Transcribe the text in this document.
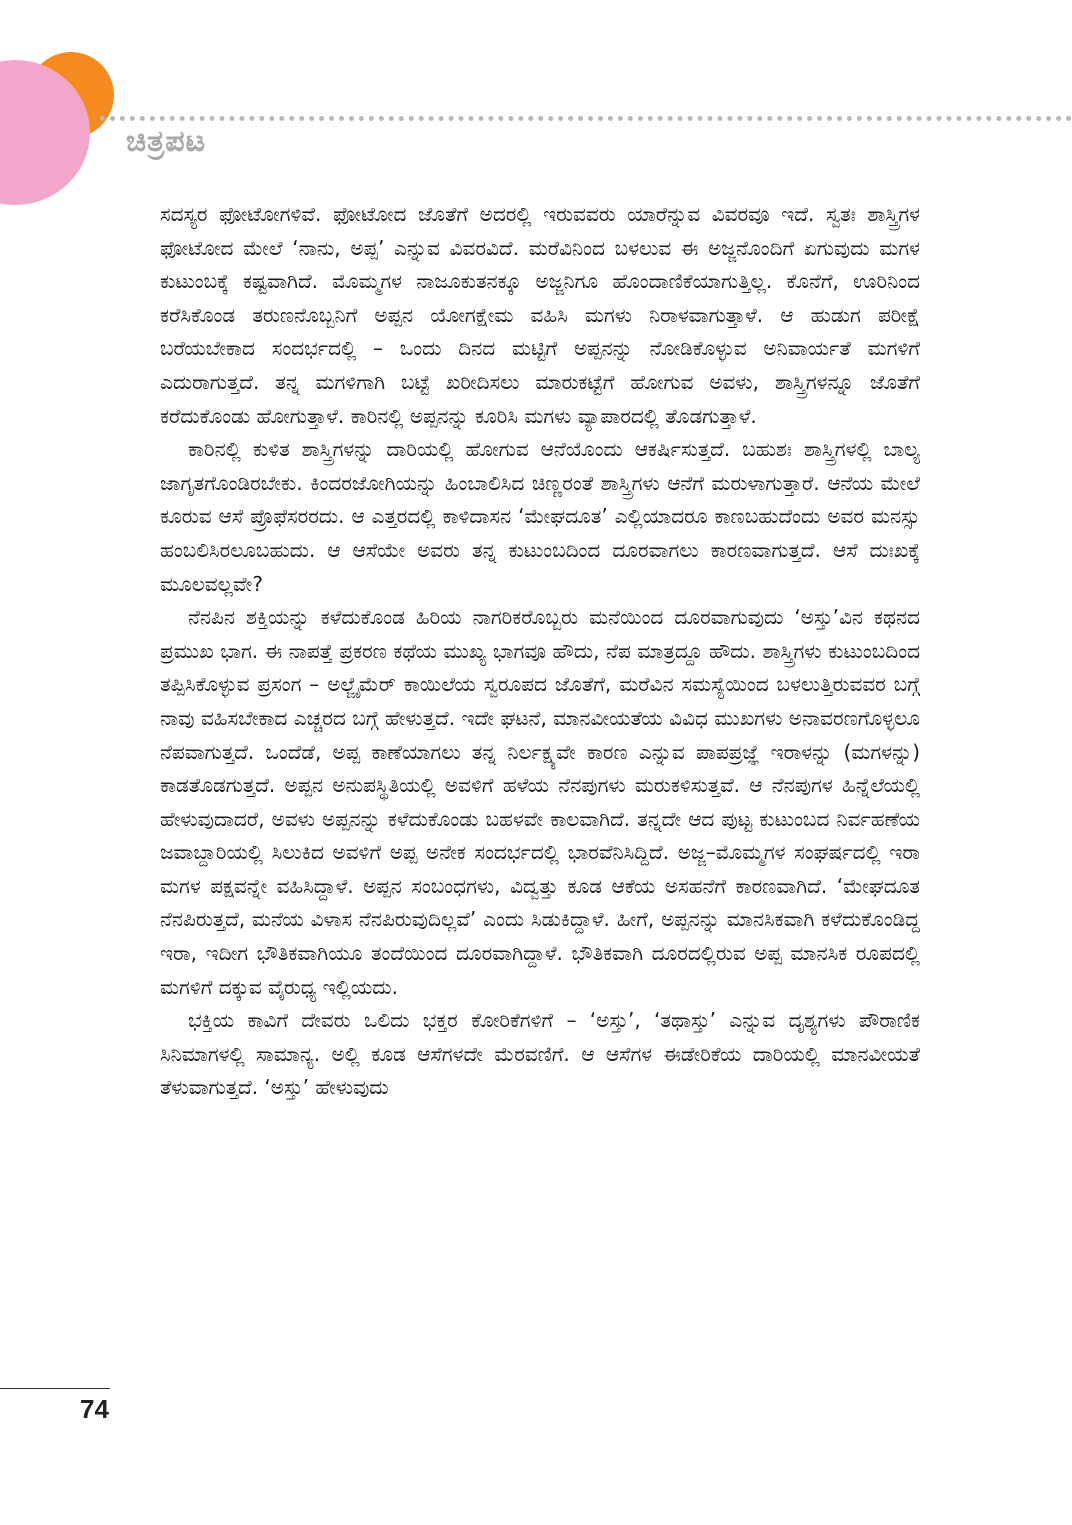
ಚಿತ್ರಪಟ

ಸದಸ್ಯರ ಫೋಟೋಗಳಿವೆ. ಫೋಟೋದ ಜೊತೆಗೆ ಅದರಲ್ಲಿ ಇರುವವರು ಯಾರೆನ್ನುವ ವಿವರವೂ ಇದೆ. ಸ್ವತಃ ಶಾಸ್ತ್ರಿಗಳ ಫೋಟೋದ ಮೇಲೆ ‘ನಾನು, ಅಪ್ಪ’ ಎನ್ನುವ ವಿವರವಿದೆ. ಮರೆವಿನಿಂದ ಬಳಲುವ ಈ ಅಜ್ಜನೊಂದಿಗೆ ಏಗುವುದು ಮಗಳ ಕುಟುಂಬಕ್ಕೆ ಕಷ್ಟವಾಗಿದೆ. ಮೊಮ್ಮಗಳ ನಾಜೂಕುತನಕ್ಕೂ ಅಜ್ಜನಿಗೂ ಹೊಂದಾಣಿಕೆಯಾಗುತ್ತಿಲ್ಲ. ಕೊನೆಗೆ, ಊರಿನಿಂದ ಕರೆಸಿಕೊಂಡ ತರುಣನೊಬ್ಬನಿಗೆ ಅಪ್ಪನ ಯೋಗಕ್ಷೇಮ ವಹಿಸಿ ಮಗಳು ನಿರಾಳವಾಗುತ್ತಾಳೆ. ಆ ಹುಡುಗ ಪರೀಕ್ಷೆ ಬರೆಯಬೇಕಾದ ಸಂದರ್ಭದಲ್ಲಿ – ಒಂದು ದಿನದ ಮಟ್ಟಿಗೆ ಅಪ್ಪನನ್ನು ನೋಡಿಕೊಳ್ಳುವ ಅನಿವಾರ್ಯತೆ ಮಗಳಿಗೆ ಎದುರಾಗುತ್ತದೆ. ತನ್ನ ಮಗಳಿಗಾಗಿ ಬಟ್ಟೆ ಖರೀದಿಸಲು ಮಾರುಕಟ್ಟೆಗೆ ಹೋಗುವ ಅವಳು, ಶಾಸ್ತ್ರಿಗಳನ್ನೂ ಜೊತೆಗೆ ಕರೆದುಕೊಂಡು ಹೋಗುತ್ತಾಳೆ. ಕಾರಿನಲ್ಲಿ ಅಪ್ಪನನ್ನು ಕೂರಿಸಿ ಮಗಳು ವ್ಯಾಪಾರದಲ್ಲಿ ತೊಡಗುತ್ತಾಳೆ.

ಕಾರಿನಲ್ಲಿ ಕುಳಿತ ಶಾಸ್ತ್ರಿಗಳನ್ನು ದಾರಿಯಲ್ಲಿ ಹೋಗುವ ಆನೆಯೊಂದು ಆಕರ್ಷಿಸುತ್ತದೆ. ಬಹುಶಃ ಶಾಸ್ತ್ರಿಗಳಲ್ಲಿ ಬಾಲ್ಯ ಜಾಗೃತಗೊಂಡಿರಬೇಕು. ಕಿಂದರಜೋಗಿಯನ್ನು ಹಿಂಬಾಲಿಸಿದ ಚಿಣ್ಣರಂತೆ ಶಾಸ್ತ್ರಿಗಳು ಆನೆಗೆ ಮರುಳಾಗುತ್ತಾರೆ. ಆನೆಯ ಮೇಲೆ ಕೂರುವ ಆಸೆ ಪ್ರೊಫೆಸರರದು. ಆ ಎತ್ತರದಲ್ಲಿ ಕಾಳಿದಾಸನ ‘ಮೇಘದೂತ’ ಎಲ್ಲಿಯಾದರೂ ಕಾಣಬಹುದೆಂದು ಅವರ ಮನಸ್ಸು ಹಂಬಲಿಸಿರಲೂಬಹುದು. ಆ ಆಸೆಯೇ ಅವರು ತನ್ನ ಕುಟುಂಬದಿಂದ ದೂರವಾಗಲು ಕಾರಣವಾಗುತ್ತದೆ. ಆಸೆ ದುಃಖಕ್ಕೆ ಮೂಲವಲ್ಲವೇ?

ನೆನಪಿನ ಶಕ್ತಿಯನ್ನು ಕಳೆದುಕೊಂಡ ಹಿರಿಯ ನಾಗರಿಕರೊಬ್ಬರು ಮನೆಯಿಂದ ದೂರವಾಗುವುದು ‘ಅಸ್ತು’ವಿನ ಕಥನದ ಪ್ರಮುಖ ಭಾಗ. ಈ ನಾಪತ್ತೆ ಪ್ರಕರಣ ಕಥೆಯ ಮುಖ್ಯ ಭಾಗವೂ ಹೌದು, ನೆಪ ಮಾತ್ರದ್ದೂ ಹೌದು. ಶಾಸ್ತ್ರಿಗಳು ಕುಟುಂಬದಿಂದ ತಪ್ಪಿಸಿಕೊಳ್ಳುವ ಪ್ರಸಂಗ – ಅಲ್ಜೈಮೆರ್ ಕಾಯಿಲೆಯ ಸ್ವರೂಪದ ಜೊತೆಗೆ, ಮರೆವಿನ ಸಮಸ್ಯೆಯಿಂದ ಬಳಲುತ್ತಿರುವವರ ಬಗ್ಗೆ ನಾವು ವಹಿಸಬೇಕಾದ ಎಚ್ಚರದ ಬಗ್ಗೆ ಹೇಳುತ್ತದೆ. ಇದೇ ಘಟನೆ, ಮಾನವೀಯತೆಯ ವಿವಿಧ ಮುಖಗಳು ಅನಾವರಣಗೊಳ್ಳಲೂ ನೆಪವಾಗುತ್ತದೆ. ಒಂದೆಡೆ, ಅಪ್ಪ ಕಾಣೆಯಾಗಲು ತನ್ನ ನಿರ್ಲಕ್ಷ್ಯವೇ ಕಾರಣ ಎನ್ನುವ ಪಾಪಪ್ರಜ್ಞೆ ಇರಾಳನ್ನು (ಮಗಳನ್ನು) ಕಾಡತೊಡಗುತ್ತದೆ. ಅಪ್ಪನ ಅನುಪಸ್ಥಿತಿಯಲ್ಲಿ ಅವಳಿಗೆ ಹಳೆಯ ನೆನಪುಗಳು ಮರುಕಳಿಸುತ್ತವೆ. ಆ ನೆನಪುಗಳ ಹಿನ್ನೆಲೆಯಲ್ಲಿ ಹೇಳುವುದಾದರೆ, ಅವಳು ಅಪ್ಪನನ್ನು ಕಳೆದುಕೊಂಡು ಬಹಳವೇ ಕಾಲವಾಗಿದೆ. ತನ್ನದೇ ಆದ ಪುಟ್ಟ ಕುಟುಂಬದ ನಿರ್ವಹಣೆಯ ಜವಾಬ್ದಾರಿಯಲ್ಲಿ ಸಿಲುಕಿದ ಅವಳಿಗೆ ಅಪ್ಪ ಅನೇಕ ಸಂದರ್ಭದಲ್ಲಿ ಭಾರವೆನಿಸಿದ್ದಿದೆ. ಅಜ್ಜ–ಮೊಮ್ಮಗಳ ಸಂಘರ್ಷದಲ್ಲಿ ಇರಾ ಮಗಳ ಪಕ್ಷವನ್ನೇ ವಹಿಸಿದ್ದಾಳೆ. ಅಪ್ಪನ ಸಂಬಂಧಗಳು, ವಿದ್ವತ್ತು ಕೂಡ ಆಕೆಯ ಅಸಹನೆಗೆ ಕಾರಣವಾಗಿದೆ. ‘ಮೇಘದೂತ ನೆನಪಿರುತ್ತದೆ, ಮನೆಯ ವಿಳಾಸ ನೆನಪಿರುವುದಿಲ್ಲವೆ’ ಎಂದು ಸಿಡುಕಿದ್ದಾಳೆ. ಹೀಗೆ, ಅಪ್ಪನನ್ನು ಮಾನಸಿಕವಾಗಿ ಕಳೆದುಕೊಂಡಿದ್ದ ಇರಾ, ಇದೀಗ ಭೌತಿಕವಾಗಿಯೂ ತಂದೆಯಿಂದ ದೂರವಾಗಿದ್ದಾಳೆ. ಭೌತಿಕವಾಗಿ ದೂರದಲ್ಲಿರುವ ಅಪ್ಪ ಮಾನಸಿಕ ರೂಪದಲ್ಲಿ ಮಗಳಿಗೆ ದಕ್ಕುವ ವೈರುಧ್ಯ ಇಲ್ಲಿಯದು.

ಭಕ್ತಿಯ ಕಾವಿಗೆ ದೇವರು ಒಲಿದು ಭಕ್ತರ ಕೋರಿಕೆಗಳಿಗೆ – ‘ಅಸ್ತು’, ‘ತಥಾಸ್ತು’ ಎನ್ನುವ ದೃಶ್ಯಗಳು ಪೌರಾಣಿಕ ಸಿನಿಮಾಗಳಲ್ಲಿ ಸಾಮಾನ್ಯ. ಅಲ್ಲಿ ಕೂಡ ಆಸೆಗಳದೇ ಮೆರವಣಿಗೆ. ಆ ಆಸೆಗಳ ಈಡೇರಿಕೆಯ ದಾರಿಯಲ್ಲಿ ಮಾನವೀಯತೆ ತೆಳುವಾಗುತ್ತದೆ. ‘ಅಸ್ತು’ ಹೇಳುವುದು

74
